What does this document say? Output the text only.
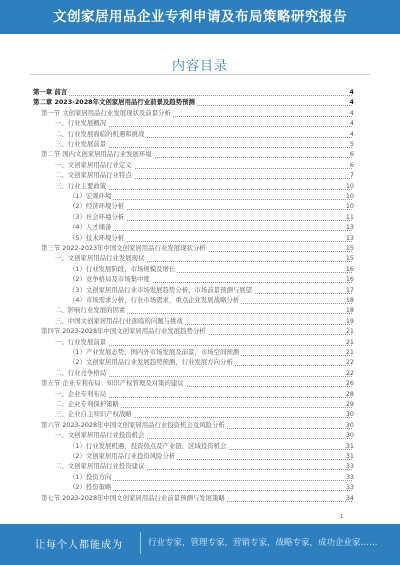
文创家居用品企业专利申请及布局策略研究报告
内容目录
第一章 前言	4
第二章 2023-2028年文创家居用品行业前景及趋势预测	4
第一节 文创家居用品行业发展现状及前景分析	4
一、行业发展概况	4
二、行业发展面临的机遇和挑战	4
三、行业发展前景	5
第二节 国内文创家居用品行业发展环境	6
一、文创家居用品行业定义	6
二、文创家居用品行业特点	7
三、行业主要政策	10
（1）宏观环境	10
（2）经济环境分析	10
（3）社会环境分析	11
（4）人才储备	13
（5）技术环境分析	13
第三节 2022-2023年中国文创家居用品行业发展现状分析	15
一、文创家居用品行业发展现状	15
（1）行业发展阶段，市场规模及增长	16
（2）竞争格局及市场集中度	16
（3）文创家居用品行业市场发展趋势分析，市场前景预测与展望	17
（4）市场需求分析，行业市场需求，重点企业发展战略分析	18
二、影响行业发展的因素	18
三、中国文创家居用品行业面临的问题与挑战	19
第四节 2023-2028年中国文创家居用品行业发展趋势分析	21
一、行业发展前景	21
（1）产业发展态势，国内外市场发展及前景，市场空间预测	21
（2）文创家居用品行业发展趋势预测，行业发展方向分析	22
二、行业竞争格局	22
第五节 企业专利布局：知识产权管理及对策的建议	26
一、企业专利布局	28
二、企业专利保护策略	29
三、企业自主知识产权战略	30
第六节 2023-2028年中国文创家居用品行业投资机会及风险分析	30
一、文创家居用品行业投资机会	30
（1）行业发展机遇，投资热点及产业链，区域投资机会	31
（2）文创家居用品行业投资风险分析	31
二、文创家居用品行业投资建议	33
（1）投资方向	33
（2）投资策略	33
第七节 2023-2028年中国文创家居用品行业前景预测与发展策略	34
1
让每个人都能成为	行业专家，管理专家，营销专家，战略专家，成功企业家……
